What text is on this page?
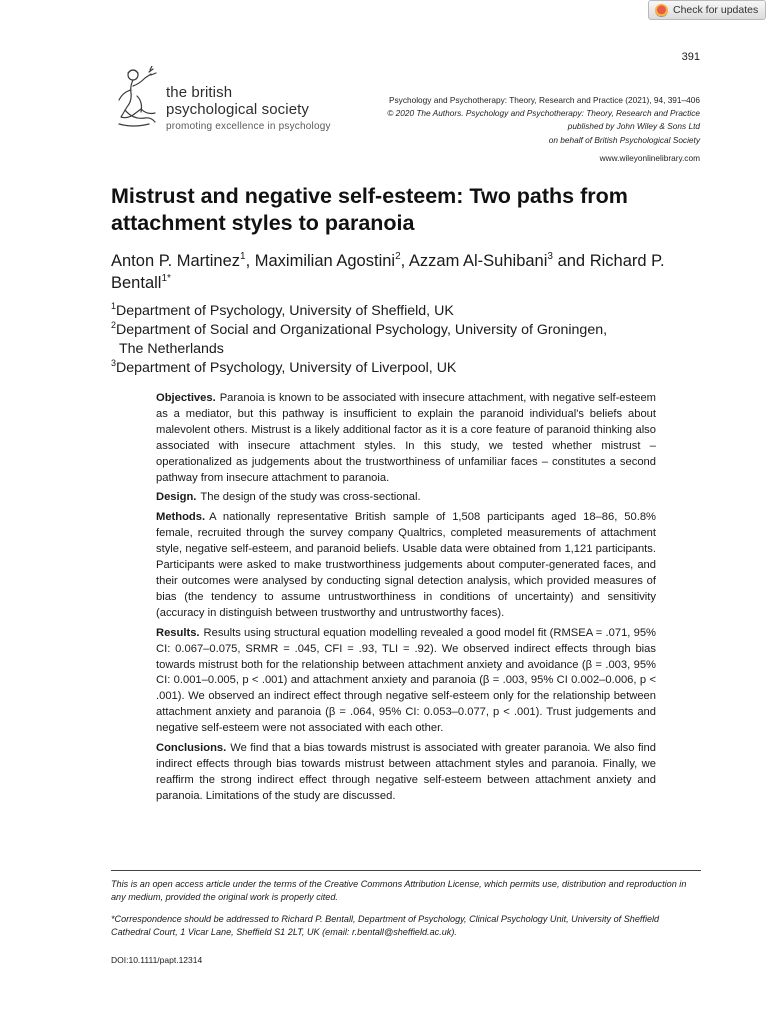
Check for updates
391
the british
psychological society
promoting excellence in psychology
Psychology and Psychotherapy: Theory, Research and Practice (2021), 94, 391–406
© 2020 The Authors. Psychology and Psychotherapy: Theory, Research and Practice
published by John Wiley & Sons Ltd
on behalf of British Psychological Society
www.wileyonlinelibrary.com
Mistrust and negative self-esteem: Two paths from attachment styles to paranoia
Anton P. Martinez$^1$, Maximilian Agostini$^2$, Azzam Al-Suhibani$^3$ and Richard P. Bentall$^{1*}$
$^1$Department of Psychology, University of Sheffield, UK
$^2$Department of Social and Organizational Psychology, University of Groningen,
The Netherlands
$^3$Department of Psychology, University of Liverpool, UK

Objectives. Paranoia is known to be associated with insecure attachment, with negative self-esteem as a mediator, but this pathway is insufficient to explain the paranoid individual's beliefs about malevolent others. Mistrust is a likely additional factor as it is a core feature of paranoid thinking also associated with insecure attachment styles. In this study, we tested whether mistrust – operationalized as judgements about the trustworthiness of unfamiliar faces – constitutes a second pathway from insecure attachment to paranoia.

Design. The design of the study was cross-sectional.

Methods. A nationally representative British sample of 1,508 participants aged 18–86, 50.8% female, recruited through the survey company Qualtrics, completed measurements of attachment style, negative self-esteem, and paranoid beliefs. Usable data were obtained from 1,121 participants. Participants were asked to make trustworthiness judgements about computer-generated faces, and their outcomes were analysed by conducting signal detection analysis, which provided measures of bias (the tendency to assume untrustworthiness in conditions of uncertainty) and sensitivity (accuracy in distinguish between trustworthy and untrustworthy faces).

Results. Results using structural equation modelling revealed a good model fit (RMSEA = .071, 95% CI: 0.067–0.075, SRMR = .045, CFI = .93, TLI = .92). We observed indirect effects through bias towards mistrust both for the relationship between attachment anxiety and avoidance (β = .003, 95% CI: 0.001–0.005, p < .001) and attachment anxiety and paranoia (β = .003, 95% CI 0.002–0.006, p < .001). We observed an indirect effect through negative self-esteem only for the relationship between attachment anxiety and paranoia (β = .064, 95% CI: 0.053–0.077, p < .001). Trust judgements and negative self-esteem were not associated with each other.

Conclusions. We find that a bias towards mistrust is associated with greater paranoia. We also find indirect effects through bias towards mistrust between attachment styles and paranoia. Finally, we reaffirm the strong indirect effect through negative self-esteem between attachment anxiety and paranoia. Limitations of the study are discussed.

This is an open access article under the terms of the Creative Commons Attribution License, which permits use, distribution and reproduction in any medium, provided the original work is properly cited.
*Correspondence should be addressed to Richard P. Bentall, Department of Psychology, Clinical Psychology Unit, University of Sheffield Cathedral Court, 1 Vicar Lane, Sheffield S1 2LT, UK (email: r.bentall@sheffield.ac.uk).
DOI:10.1111/papt.12314
